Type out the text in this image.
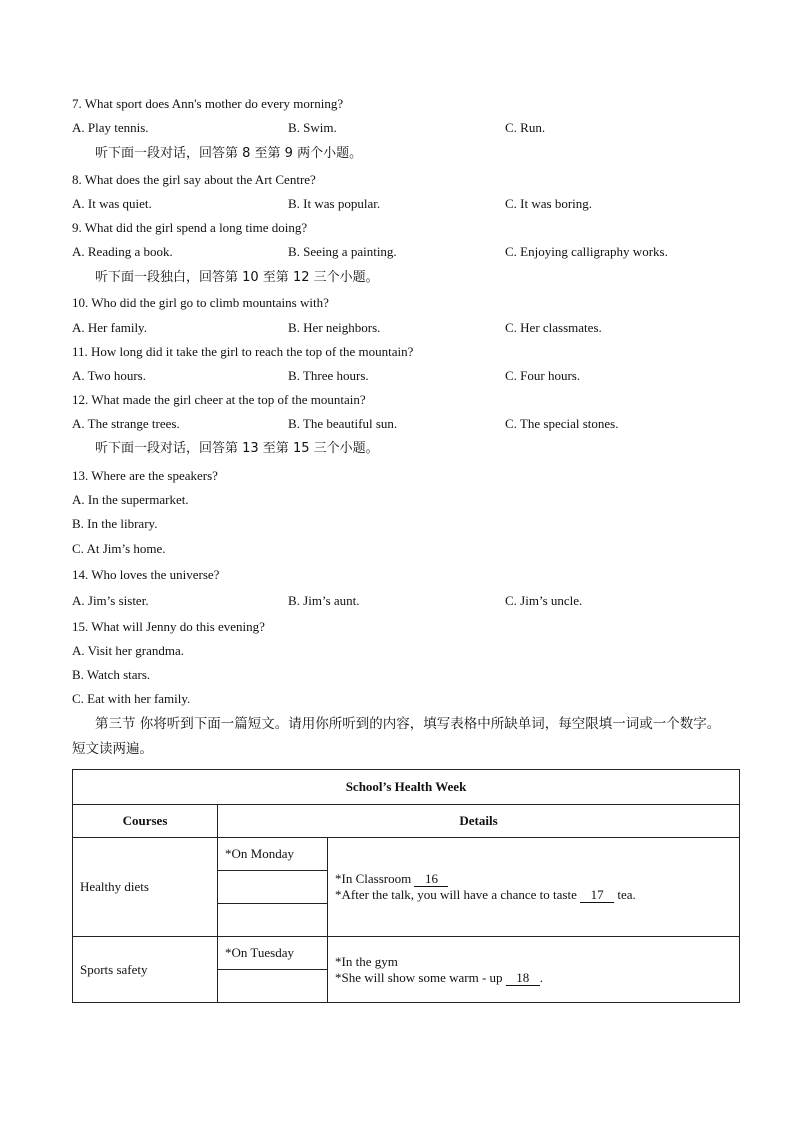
7. What sport does Ann's mother do every morning?
A. Play tennis.	B. Swim.	C. Run.
听下面一段对话，回答第 8 至第 9 两个小题。
8. What does the girl say about the Art Centre?
A. It was quiet.	B. It was popular.	C. It was boring.
9. What did the girl spend a long time doing?
A. Reading a book.	B. Seeing a painting.	C. Enjoying calligraphy works.
听下面一段独白，回答第 10 至第 12 三个小题。
10. Who did the girl go to climb mountains with?
A. Her family.	B. Her neighbors.	C. Her classmates.
11. How long did it take the girl to reach the top of the mountain?
A. Two hours.	B. Three hours.	C. Four hours.
12. What made the girl cheer at the top of the mountain?
A. The strange trees.	B. The beautiful sun.	C. The special stones.
听下面一段对话，回答第 13 至第 15 三个小题。
13. Where are the speakers?
A. In the supermarket.
B. In the library.
C. At Jim’s home.
14. Who loves the universe?
A. Jim’s sister.	B. Jim’s aunt.	C. Jim’s uncle.
15. What will Jenny do this evening?
A. Visit her grandma.
B. Watch stars.
C. Eat with her family.
第三节 你将听到下面一篇短文。请用你所听到的内容，填写表格中所缺单词，每空限填一词或一个数字。短文读两遍。
School’s Health Week		
Courses	Details	
Healthy diets	*On Monday	*In Classroom 16
*After the talk, you will have a chance to taste 17 tea.

Sports safety	*On Tuesday	*In the gym
*She will show some warm - up 18 .
